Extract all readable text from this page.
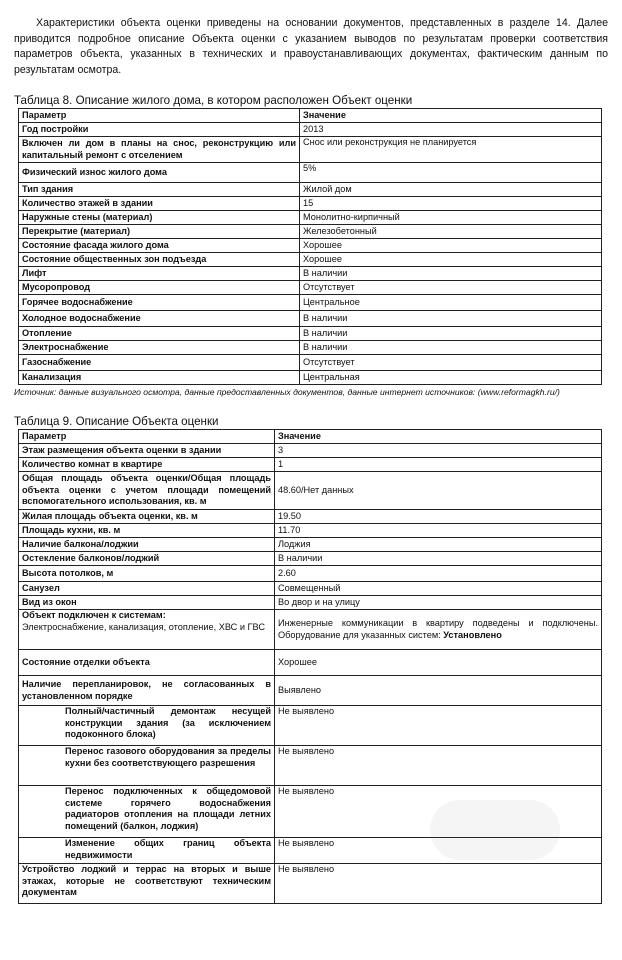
Характеристики объекта оценки приведены на основании документов, представленных в разделе 14. Далее приводится подробное описание Объекта оценки с указанием выводов по результатам проверки соответствия параметров объекта, указанных в технических и правоустанавливающих документах, фактическим данным по результатам осмотра.

Таблица 8. Описание жилого дома, в котором расположен Объект оценки

Параметр	Значение
Год постройки	2013
Включен ли дом в планы на снос, реконструкцию или капитальный ремонт с отселением	Снос или реконструкция не планируется
Физический износ жилого дома	5%
Тип здания	Жилой дом
Количество этажей в здании	15
Наружные стены (материал)	Монолитно-кирпичный
Перекрытие (материал)	Железобетонный
Состояние фасада жилого дома	Хорошее
Состояние общественных зон подъезда	Хорошее
Лифт	В наличии
Мусоропровод	Отсутствует
Горячее водоснабжение	Центральное
Холодное водоснабжение	В наличии
Отопление	В наличии
Электроснабжение	В наличии
Газоснабжение	Отсутствует
Канализация	Центральная

Источник: данные визуального осмотра, данные предоставленных документов, данные интернет источников: (www.reformagkh.ru/)

Таблица 9. Описание Объекта оценки

Параметр	Значение
Этаж размещения объекта оценки в здании	3
Количество комнат в квартире	1
Общая площадь объекта оценки/Общая площадь объекта оценки с учетом площади помещений вспомогательного использования, кв. м	48.60/Нет данных
Жилая площадь объекта оценки, кв. м	19.50
Площадь кухни, кв. м	11.70
Наличие балкона/лоджии	Лоджия
Остекление балконов/лоджий	В наличии
Высота потолков, м	2.60
Санузел	Совмещенный
Вид из окон	Во двор и на улицу

Объект подключен к системам:
Электроснабжение, канализация, отопление, ХВС и ГВС	Инженерные коммуникации в квартиру подведены и подключены. Оборудование для указанных систем: Установлено
Состояние отделки объекта	Хорошее
Наличие перепланировок, не согласованных в установленном порядке	Выявлено
Полный/частичный демонтаж несущей конструкции здания (за исключением подоконного блока)	Не выявлено
Перенос газового оборудования за пределы кухни без соответствующего разрешения	Не выявлено
Перенос подключенных к общедомовой системе горячего водоснабжения радиаторов отопления на площади летних помещений (балкон, лоджия)	Не выявлено
Изменение общих границ объекта недвижимости	Не выявлено
Устройство лоджий и террас на вторых и выше этажах, которые не соответствуют техническим документам	Не выявлено
